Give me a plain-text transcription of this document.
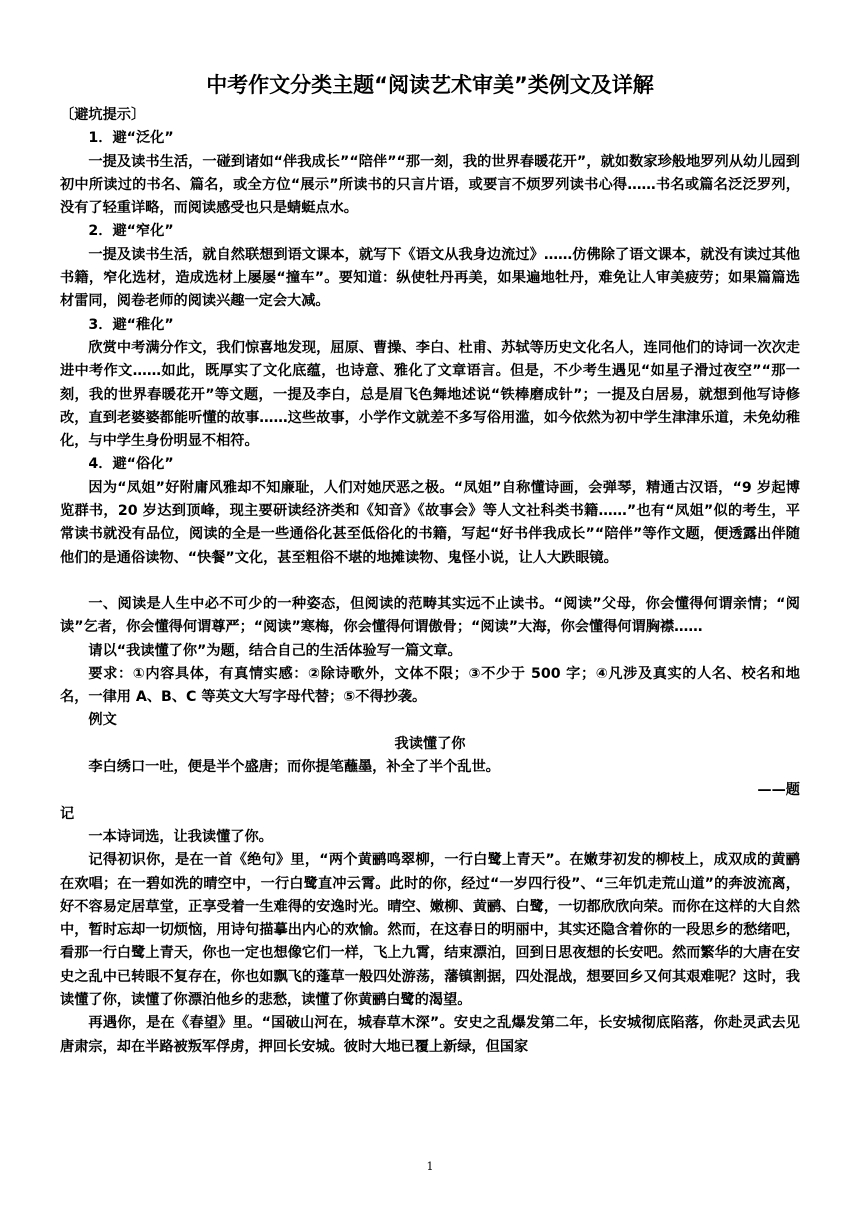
中考作文分类主题“阅读艺术审美”类例文及详解

〔避坑提示〕

1．避“泛化”

一提及读书生活，一碰到诸如“伴我成长”“陪伴”“那一刻，我的世界春暖花开”，就如数家珍般地罗列从幼儿园到初中所读过的书名、篇名，或全方位“展示”所读书的只言片语，或要言不烦罗列读书心得……书名或篇名泛泛罗列，没有了轻重详略，而阅读感受也只是蜻蜓点水。

2．避“窄化”

一提及读书生活，就自然联想到语文课本，就写下《语文从我身边流过》……仿佛除了语文课本，就没有读过其他书籍，窄化选材，造成选材上屡屡“撞车”。要知道：纵使牡丹再美，如果遍地牡丹，难免让人审美疲劳；如果篇篇选材雷同，阅卷老师的阅读兴趣一定会大减。

3．避“稚化”

欣赏中考满分作文，我们惊喜地发现，屈原、曹操、李白、杜甫、苏轼等历史文化名人，连同他们的诗词一次次走进中考作文……如此，既厚实了文化底蕴，也诗意、雅化了文章语言。但是，不少考生遇见“如星子滑过夜空”“那一刻，我的世界春暖花开”等文题，一提及李白，总是眉飞色舞地述说“铁棒磨成针”；一提及白居易，就想到他写诗修改，直到老婆婆都能听懂的故事……这些故事，小学作文就差不多写俗用滥，如今依然为初中学生津津乐道，未免幼稚化，与中学生身份明显不相符。

4．避“俗化”

因为“凤姐”好附庸风雅却不知廉耻，人们对她厌恶之极。“凤姐”自称懂诗画，会弹琴，精通古汉语，“9 岁起博览群书，20 岁达到顶峰，现主要研读经济类和《知音》《故事会》等人文社科类书籍……”也有“凤姐”似的考生，平常读书就没有品位，阅读的全是一些通俗化甚至低俗化的书籍，写起“好书伴我成长”“陪伴”等作文题，便透露出伴随他们的是通俗读物、“快餐”文化，甚至粗俗不堪的地摊读物、鬼怪小说，让人大跌眼镜。

一、阅读是人生中必不可少的一种姿态，但阅读的范畴其实远不止读书。“阅读”父母，你会懂得何谓亲情；“阅读”乞者，你会懂得何谓尊严；“阅读”寒梅，你会懂得何谓傲骨；“阅读”大海，你会懂得何谓胸襟……

请以“我读懂了你”为题，结合自己的生活体验写一篇文章。

要求：①内容具体，有真情实感：②除诗歌外，文体不限；③不少于 500 字；④凡涉及真实的人名、校名和地名，一律用 A、B、C 等英文大写字母代替；⑤不得抄袭。

例文

我读懂了你

李白绣口一吐，便是半个盛唐；而你提笔蘸墨，补全了半个乱世。

——题

记

一本诗词选，让我读懂了你。

记得初识你，是在一首《绝句》里，“两个黄鹂鸣翠柳，一行白鹭上青天”。在嫩芽初发的柳枝上，成双成的黄鹂在欢唱；在一碧如洗的晴空中，一行白鹭直冲云霄。此时的你，经过“一岁四行役”、“三年饥走荒山道”的奔波流离，好不容易定居草堂，正享受着一生难得的安逸时光。晴空、嫩柳、黄鹂、白鹭，一切都欣欣向荣。而你在这样的大自然中，暂时忘却一切烦恼，用诗句描摹出内心的欢愉。然而，在这春日的明丽中，其实还隐含着你的一段思乡的愁绪吧，看那一行白鹭上青天，你也一定也想像它们一样，飞上九霄，结束漂泊，回到日思夜想的长安吧。然而繁华的大唐在安史之乱中已转眼不复存在，你也如飘飞的蓬草一般四处游荡，藩镇割据，四处混战，想要回乡又何其艰难呢？这时，我读懂了你，读懂了你漂泊他乡的悲愁，读懂了你黄鹂白鹭的渴望。

再遇你，是在《春望》里。“国破山河在，城春草木深”。安史之乱爆发第二年，长安城彻底陷落，你赴灵武去见唐肃宗，却在半路被叛军俘虏，押回长安城。彼时大地已覆上新绿，但国家

1
